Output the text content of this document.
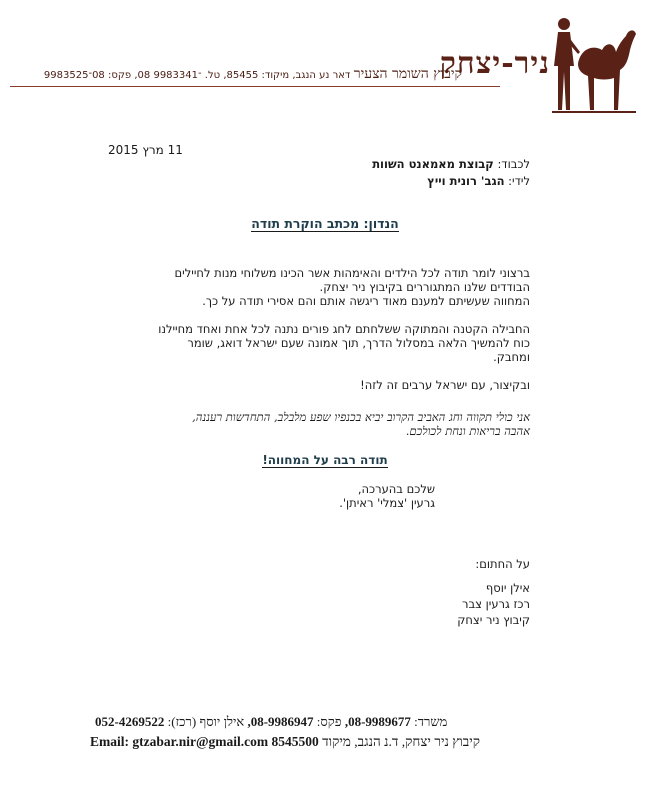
ניר-יצחק
קיבוץ השומר הצעיר דאר נע הנגב, מיקוד: 85455, טל. ־9983341 08, פקס: 08־9983525
11 מרץ 2015
לכבוד: קבוצת מאמאנט השוות
לידי: הגב' רונית וייץ
הנדון: מכתב הוקרת תודה
ברצוני לומר תודה לכל הילדים והאימהות אשר הכינו משלוחי מנות לחיילים
הבודדים שלנו המתגוררים בקיבוץ ניר יצחק.
המחווה שעשיתם למענם מאוד ריגשה אותם והם אסירי תודה על כך.
החבילה הקטנה והמתוקה ששלחתם לחג פורים נתנה לכל אחת ואחד מחיילנו
כוח להמשיך הלאה במסלול הדרך, תוך אמונה שעם ישראל דואג, שומר
ומחבק.
ובקיצור, עם ישראל ערבים זה לזה!
אני כולי תקווה וחג האביב הקרוב יביא בכנפיו שפע מלבלב, התחדשות רעננה,
אהבה בריאות ונחת לכולכם.
תודה רבה על המחווה!
שלכם בהערכה,
גרעין 'צמלי' ראיתן'.
על החתום:
אילן יוסף
רכז גרעין צבר
קיבוץ ניר יצחק
משרד: 08-9989677, פקס: 08-9986947, אילן יוסף (רכז): 052-4269522
קיבוץ ניר יצחק, ד.נ הנגב, מיקוד 8545500 Email: gtzabar.nir@gmail.com
